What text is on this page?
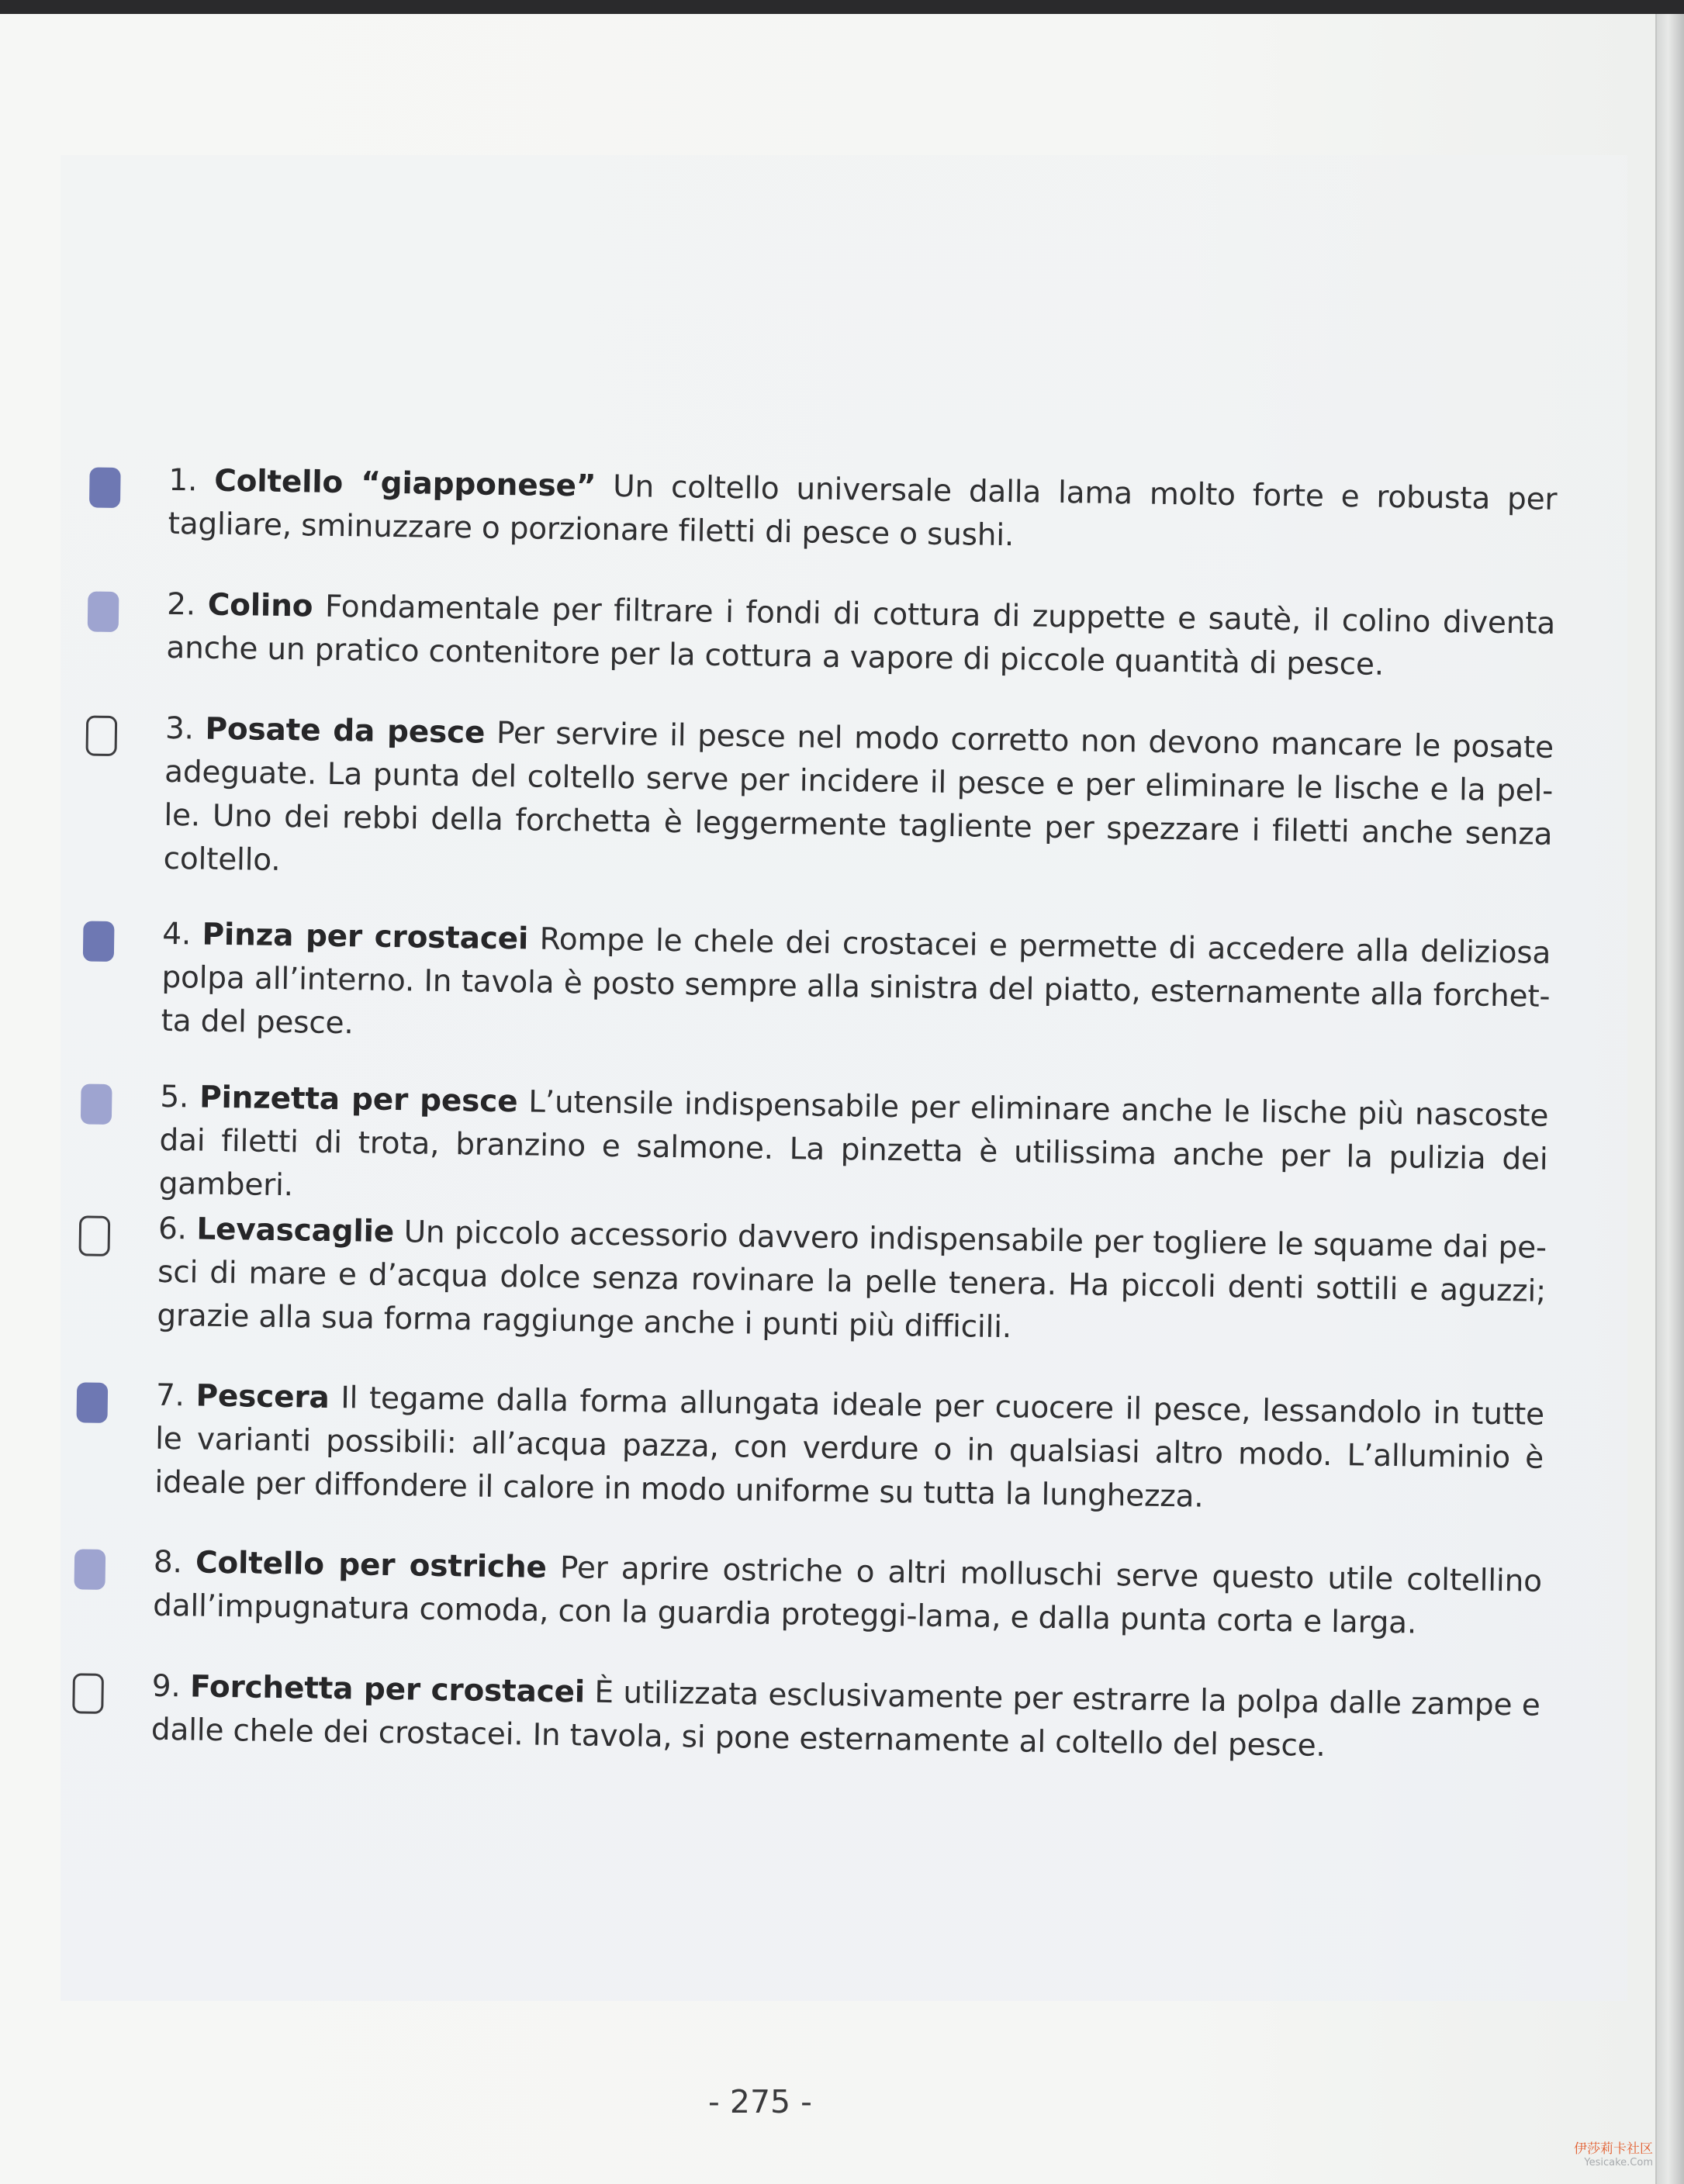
1. Coltello “giapponese” Un coltello universale dalla lama molto forte e robusta per tagliare, sminuzzare o porzionare filetti di pesce o sushi.

2. Colino Fondamentale per filtrare i fondi di cottura di zuppette e sautè, il colino diventa anche un pratico contenitore per la cottura a vapore di piccole quantità di pesce.

3. Posate da pesce Per servire il pesce nel modo corretto non devono mancare le posate adeguate. La punta del coltello serve per incidere il pesce e per eliminare le lische e la pel-le. Uno dei rebbi della forchetta è leggermente tagliente per spezzare i filetti anche senza coltello.

4. Pinza per crostacei Rompe le chele dei crostacei e permette di accedere alla deliziosa polpa all’interno. In tavola è posto sempre alla sinistra del piatto, esternamente alla forchet-ta del pesce.

5. Pinzetta per pesce L’utensile indispensabile per eliminare anche le lische più nascoste dai filetti di trota, branzino e salmone. La pinzetta è utilissima anche per la pulizia dei gamberi.

6. Levascaglie Un piccolo accessorio davvero indispensabile per togliere le squame dai pe-sci di mare e d’acqua dolce senza rovinare la pelle tenera. Ha piccoli denti sottili e aguzzi; grazie alla sua forma raggiunge anche i punti più difficili.

7. Pescera Il tegame dalla forma allungata ideale per cuocere il pesce, lessandolo in tutte le varianti possibili: all’acqua pazza, con verdure o in qualsiasi altro modo. L’alluminio è ideale per diffondere il calore in modo uniforme su tutta la lunghezza.

8. Coltello per ostriche Per aprire ostriche o altri molluschi serve questo utile coltellino dall’impugnatura comoda, con la guardia proteggi-lama, e dalla punta corta e larga.

9. Forchetta per crostacei È utilizzata esclusivamente per estrarre la polpa dalle zampe e dalle chele dei crostacei. In tavola, si pone esternamente al coltello del pesce.

- 275 -
伊莎莉卡社区
Yesicake.Com
